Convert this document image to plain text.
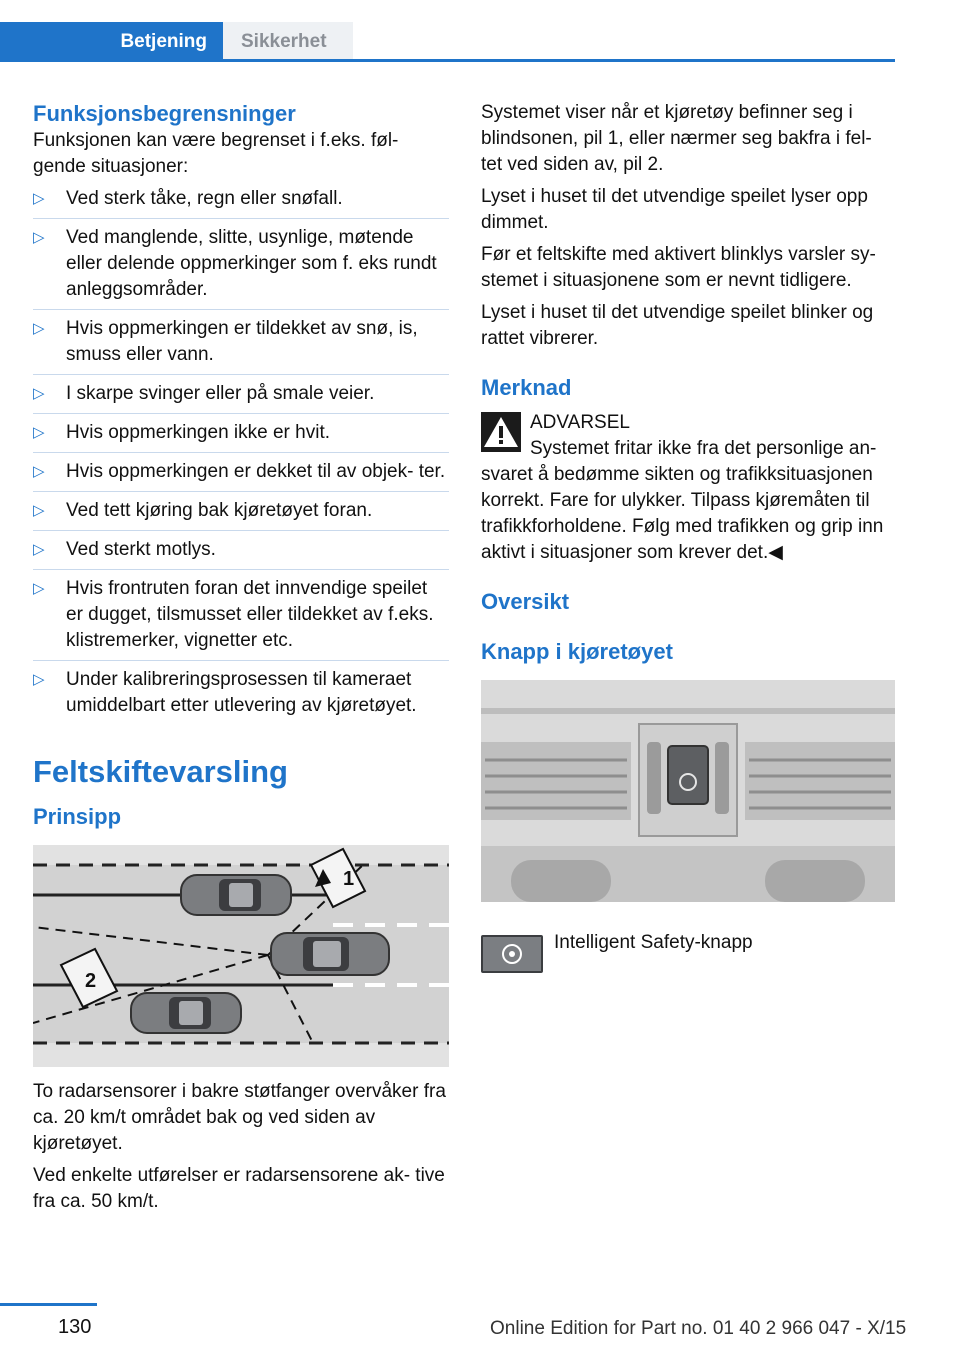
Betjening	Sikkerhet
Funksjonsbegrensninger

Funksjonen kan være begrenset i f.eks. føl‐ gende situasjoner:

▷ Ved sterk tåke, regn eller snøfall.
▷ Ved manglende, slitte, usynlige, møtende eller delende oppmerkinger som f. eks rundt anleggsområder.
▷ Hvis oppmerkingen er tildekket av snø, is, smuss eller vann.
▷ I skarpe svinger eller på smale veier.
▷ Hvis oppmerkingen ikke er hvit.
▷ Hvis oppmerkingen er dekket til av objek‐ ter.
▷ Ved tett kjøring bak kjøretøyet foran.
▷ Ved sterkt motlys.
▷ Hvis frontruten foran det innvendige speilet er dugget, tilsmusset eller tildekket av f.eks. klistremerker, vignetter etc.
▷ Under kalibreringsprosessen til kameraet umiddelbart etter utlevering av kjøretøyet.
Feltskiftevarsling
Prinsipp
1
2

To radarsensorer i bakre støtfanger overvåker fra ca. 20 km/t området bak og ved siden av kjøretøyet.

Ved enkelte utførelser er radarsensorene ak‐ tive fra ca. 50 km/t.

Systemet viser når et kjøretøy befinner seg i blindsonen, pil 1, eller nærmer seg bakfra i fel‐ tet ved siden av, pil 2.

Lyset i huset til det utvendige speilet lyser opp dimmet.

Før et feltskifte med aktivert blinklys varsler sy‐ stemet i situasjonene som er nevnt tidligere.

Lyset i huset til det utvendige speilet blinker og rattet vibrerer.

Merknad
ADVARSEL

Systemet fritar ikke fra det personlige an‐ svaret å bedømme sikten og trafikksituasjonen korrekt. Fare for ulykker. Tilpass kjøremåten til trafikkforholdene. Følg med trafikken og grip inn aktivt i situasjoner som krever det.◀

Oversikt
Knapp i kjøretøyet
Intelligent Safety-knapp
130	Online Edition for Part no. 01 40 2 966 047 - X/15
